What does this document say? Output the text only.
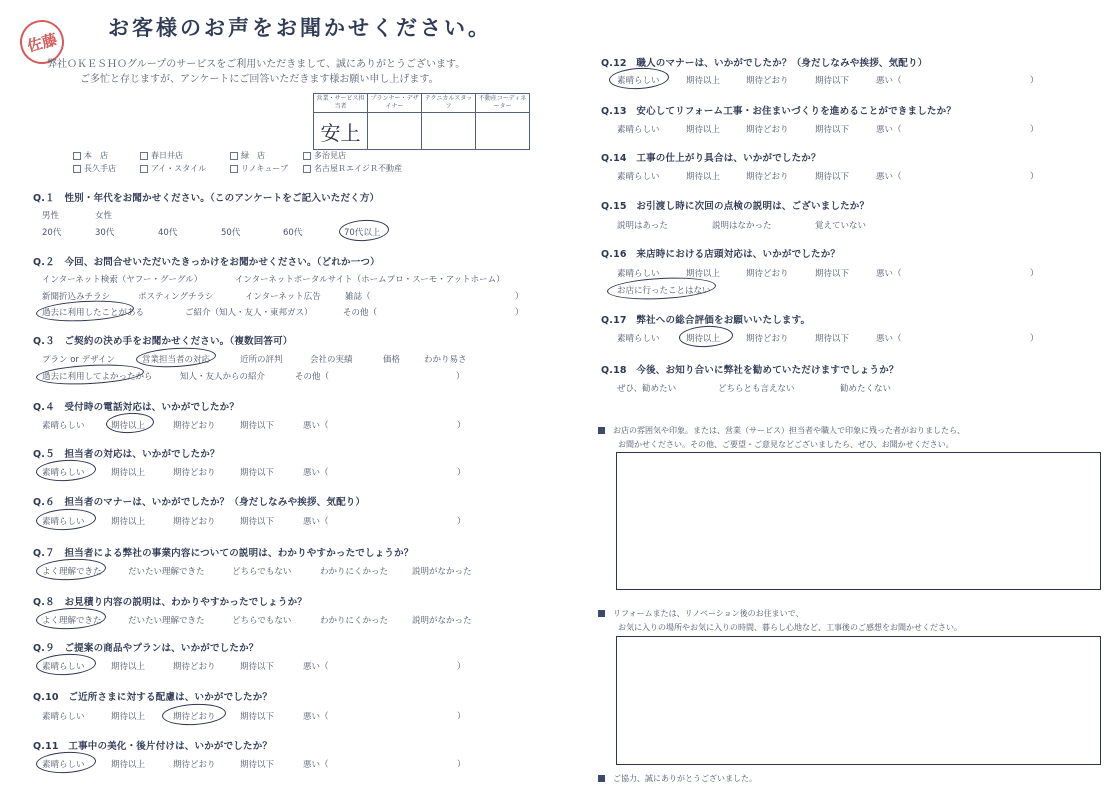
佐藤
お客様のお声をお聞かせください。
弊社ＯＫＥＳＨＯグループのサービスをご利用いただきまして、誠にありがとうございます。
ご多忙と存じますが、アンケートにご回答いただきます様お願い申し上げます。
営業・サービス担当者	プランナー・デザイナー	テクニカルスタッフ	不動産コーディネーター
安上			
本　店	春日井店	緑　店	多治見店
長久手店	アイ・スタイル	リノキューブ	名古屋ＲエイジＲ不動産
Q.１　性別・年代をお聞かせください。（このアンケートをご記入いただく方）
男性	女性
20代	30代	40代	50代	60代	70代以上
Q.２　今回、お問合せいただいたきっかけをお聞かせください。（どれか一つ）
インターネット検索（ヤフー・グーグル）	インターネットポータルサイト（ホームプロ・スーモ・アットホーム）
新聞折込みチラシ	ポスティングチラシ	インターネット広告	雑誌（	）
過去に利用したことがある	ご紹介（知人・友人・東邦ガス）	その他（	）
Q.３　ご契約の決め手をお聞かせください。（複数回答可）
プラン or デザイン	営業担当者の対応	近所の評判	会社の実績	価格	わかり易さ
過去に利用してよかったから	知人・友人からの紹介	その他（	）
Q.４　受付時の電話対応は、いかがでしたか？
素晴らしい	期待以上	期待どおり	期待以下	悪い（	）
Q.５　担当者の対応は、いかがでしたか？
素晴らしい	期待以上	期待どおり	期待以下	悪い（	）
Q.６　担当者のマナーは、いかがでしたか？（身だしなみや挨拶、気配り）
素晴らしい	期待以上	期待どおり	期待以下	悪い（	）
Q.７　担当者による弊社の事業内容についての説明は、わかりやすかったでしょうか？
よく理解できた	だいたい理解できた	どちらでもない	わかりにくかった	説明がなかった
Q.８　お見積り内容の説明は、わかりやすかったでしょうか？
よく理解できた	だいたい理解できた	どちらでもない	わかりにくかった	説明がなかった
Q.９　ご提案の商品やプランは、いかがでしたか？
素晴らしい	期待以上	期待どおり	期待以下	悪い（	）
Q.10　ご近所さまに対する配慮は、いかがでしたか？
素晴らしい	期待以上	期待どおり	期待以下	悪い（	）
Q.11　工事中の美化・後片付けは、いかがでしたか？
素晴らしい	期待以上	期待どおり	期待以下	悪い（	）
Q.12　職人のマナーは、いかがでしたか？（身だしなみや挨拶、気配り）
素晴らしい	期待以上	期待どおり	期待以下	悪い（	）
Q.13　安心してリフォーム工事・お住まいづくりを進めることができましたか？
素晴らしい	期待以上	期待どおり	期待以下	悪い（	）
Q.14　工事の仕上がり具合は、いかがでしたか？
素晴らしい	期待以上	期待どおり	期待以下	悪い（	）
Q.15　お引渡し時に次回の点検の説明は、ございましたか？
説明はあった	説明はなかった	覚えていない
Q.16　来店時における店頭対応は、いかがでしたか？
素晴らしい	期待以上	期待どおり	期待以下	悪い（	）
お店に行ったことはない
Q.17　弊社への総合評価をお願いいたします。
素晴らしい	期待以上	期待どおり	期待以下	悪い（	）
Q.18　今後、お知り合いに弊社を勧めていただけますでしょうか？
ぜひ、勧めたい	どちらとも言えない	勧めたくない
お店の雰囲気や印象。または、営業（サービス）担当者や職人で印象に残った者がおりましたら、
お聞かせください。その他、ご要望・ご意見などございましたら、ぜひ、お聞かせください。
リフォームまたは、リノベーション後のお住まいで、
お気に入りの場所やお気に入りの時間、暮らし心地など、工事後のご感想をお聞かせください。
ご協力、誠にありがとうございました。
